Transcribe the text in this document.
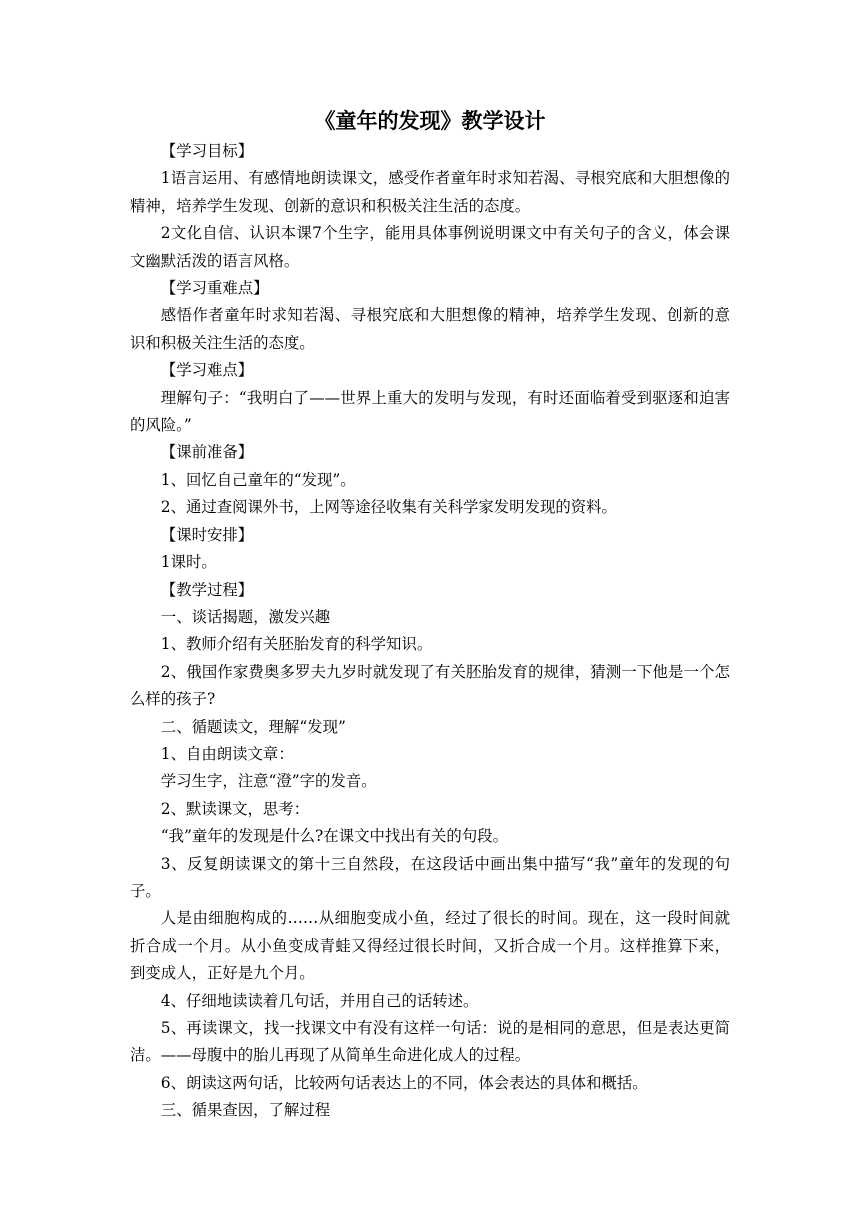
《童年的发现》教学设计

【学习目标】

1语言运用、有感情地朗读课文，感受作者童年时求知若渴、寻根究底和大胆想像的精神，培养学生发现、创新的意识和积极关注生活的态度。

2文化自信、认识本课7个生字，能用具体事例说明课文中有关句子的含义，体会课文幽默活泼的语言风格。

【学习重难点】

感悟作者童年时求知若渴、寻根究底和大胆想像的精神，培养学生发现、创新的意识和积极关注生活的态度。

【学习难点】

理解句子：“我明白了——世界上重大的发明与发现，有时还面临着受到驱逐和迫害的风险。”

【课前准备】

1、回忆自己童年的“发现”。

2、通过查阅课外书，上网等途径收集有关科学家发明发现的资料。

【课时安排】

1课时。

【教学过程】

一、谈话揭题，激发兴趣

1、教师介绍有关胚胎发育的科学知识。

2、俄国作家费奥多罗夫九岁时就发现了有关胚胎发育的规律，猜测一下他是一个怎么样的孩子?

二、循题读文，理解“发现”

1、自由朗读文章：

学习生字，注意“澄”字的发音。

2、默读课文，思考：

“我”童年的发现是什么?在课文中找出有关的句段。

3、反复朗读课文的第十三自然段，在这段话中画出集中描写“我”童年的发现的句子。

人是由细胞构成的……从细胞变成小鱼，经过了很长的时间。现在，这一段时间就折合成一个月。从小鱼变成青蛙又得经过很长时间，又折合成一个月。这样推算下来，到变成人，正好是九个月。

4、仔细地读读着几句话，并用自己的话转述。

5、再读课文，找一找课文中有没有这样一句话：说的是相同的意思，但是表达更简洁。——母腹中的胎儿再现了从简单生命进化成人的过程。

6、朗读这两句话，比较两句话表达上的不同，体会表达的具体和概括。

三、循果查因，了解过程
